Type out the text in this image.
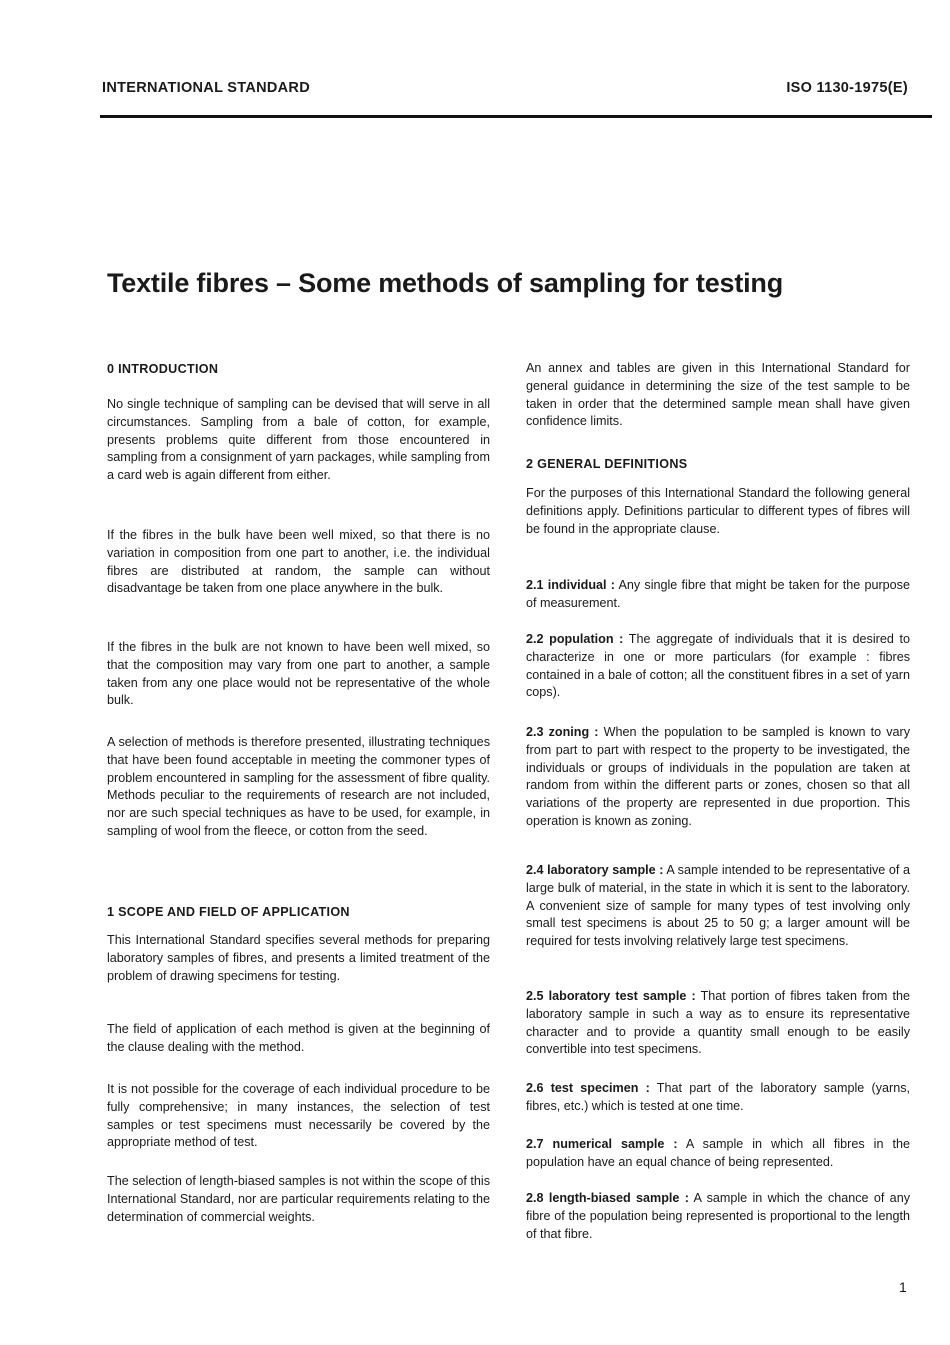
INTERNATIONAL STANDARD	ISO 1130-1975(E)
Textile fibres – Some methods of sampling for testing
0 INTRODUCTION
No single technique of sampling can be devised that will serve in all circumstances. Sampling from a bale of cotton, for example, presents problems quite different from those encountered in sampling from a consignment of yarn packages, while sampling from a card web is again different from either.
If the fibres in the bulk have been well mixed, so that there is no variation in composition from one part to another, i.e. the individual fibres are distributed at random, the sample can without disadvantage be taken from one place anywhere in the bulk.
If the fibres in the bulk are not known to have been well mixed, so that the composition may vary from one part to another, a sample taken from any one place would not be representative of the whole bulk.
A selection of methods is therefore presented, illustrating techniques that have been found acceptable in meeting the commoner types of problem encountered in sampling for the assessment of fibre quality. Methods peculiar to the requirements of research are not included, nor are such special techniques as have to be used, for example, in sampling of wool from the fleece, or cotton from the seed.
1 SCOPE AND FIELD OF APPLICATION
This International Standard specifies several methods for preparing laboratory samples of fibres, and presents a limited treatment of the problem of drawing specimens for testing.
The field of application of each method is given at the beginning of the clause dealing with the method.
It is not possible for the coverage of each individual procedure to be fully comprehensive; in many instances, the selection of test samples or test specimens must necessarily be covered by the appropriate method of test.
The selection of length-biased samples is not within the scope of this International Standard, nor are particular requirements relating to the determination of commercial weights.
An annex and tables are given in this International Standard for general guidance in determining the size of the test sample to be taken in order that the determined sample mean shall have given confidence limits.
2 GENERAL DEFINITIONS
For the purposes of this International Standard the following general definitions apply. Definitions particular to different types of fibres will be found in the appropriate clause.
2.1 individual : Any single fibre that might be taken for the purpose of measurement.
2.2 population : The aggregate of individuals that it is desired to characterize in one or more particulars (for example : fibres contained in a bale of cotton; all the constituent fibres in a set of yarn cops).
2.3 zoning : When the population to be sampled is known to vary from part to part with respect to the property to be investigated, the individuals or groups of individuals in the population are taken at random from within the different parts or zones, chosen so that all variations of the property are represented in due proportion. This operation is known as zoning.
2.4 laboratory sample : A sample intended to be representative of a large bulk of material, in the state in which it is sent to the laboratory. A convenient size of sample for many types of test involving only small test specimens is about 25 to 50 g; a larger amount will be required for tests involving relatively large test specimens.
2.5 laboratory test sample : That portion of fibres taken from the laboratory sample in such a way as to ensure its representative character and to provide a quantity small enough to be easily convertible into test specimens.
2.6 test specimen : That part of the laboratory sample (yarns, fibres, etc.) which is tested at one time.
2.7 numerical sample : A sample in which all fibres in the population have an equal chance of being represented.
2.8 length-biased sample : A sample in which the chance of any fibre of the population being represented is proportional to the length of that fibre.
1
